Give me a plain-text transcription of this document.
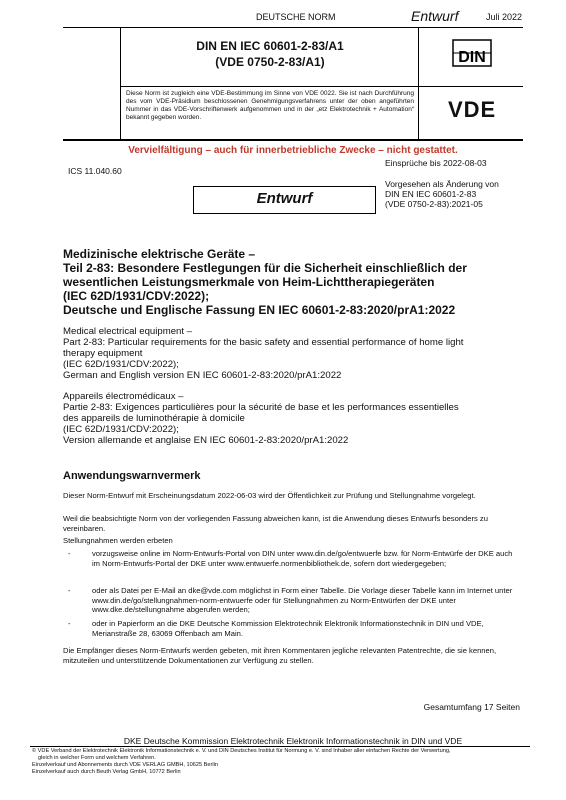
DEUTSCHE NORM	Entwurf	Juli 2022
DIN EN IEC 60601-2-83/A1
(VDE 0750-2-83/A1)	DIN
Diese Norm ist zugleich eine VDE-Bestimmung im Sinne von VDE 0022. Sie ist nach Durchführung des vom VDE-Präsidium beschlossenen Genehmigungsverfahrens unter der oben angeführten Nummer in das VDE-Vorschriftenwerk aufgenommen und in der „etz Elektrotechnik + Automation“ bekannt gegeben worden.	VDE
Vervielfältigung – auch für innerbetriebliche Zwecke – nicht gestattet.
Einsprüche bis 2022-08-03
ICS 11.040.60
Entwurf
Vorgesehen als Änderung von
DIN EN IEC 60601-2-83
(VDE 0750-2-83):2021-05
Medizinische elektrische Geräte –
Teil 2-83: Besondere Festlegungen für die Sicherheit einschließlich der
wesentlichen Leistungsmerkmale von Heim-Lichttherapiegeräten
(IEC 62D/1931/CDV:2022);
Deutsche und Englische Fassung EN IEC 60601-2-83:2020/prA1:2022
Medical electrical equipment –
Part 2-83: Particular requirements for the basic safety and essential performance of home light
therapy equipment
(IEC 62D/1931/CDV:2022);
German and English version EN IEC 60601-2-83:2020/prA1:2022
Appareils électromédicaux –
Partie 2-83: Exigences particulières pour la sécurité de base et les performances essentielles
des appareils de luminothérapie à domicile
(IEC 62D/1931/CDV:2022);
Version allemande et anglaise EN IEC 60601-2-83:2020/prA1:2022
Anwendungswarnvermerk
Dieser Norm-Entwurf mit Erscheinungsdatum 2022-06-03 wird der Öffentlichkeit zur Prüfung und Stellungnahme vorgelegt.
Weil die beabsichtigte Norm von der vorliegenden Fassung abweichen kann, ist die Anwendung dieses Entwurfs besonders zu vereinbaren.
Stellungnahmen werden erbeten
-	vorzugsweise online im Norm-Entwurfs-Portal von DIN unter www.din.de/go/entwuerfe bzw. für Norm-Entwürfe der DKE auch im Norm-Entwurfs-Portal der DKE unter www.entwuerfe.normenbibliothek.de, sofern dort wiedergegeben;
-	oder als Datei per E-Mail an dke@vde.com möglichst in Form einer Tabelle. Die Vorlage dieser Tabelle kann im Internet unter www.din.de/go/stellungnahmen-norm-entwuerfe oder für Stellungnahmen zu Norm-Entwürfen der DKE unter www.dke.de/stellungnahme abgerufen werden;
-	oder in Papierform an die DKE Deutsche Kommission Elektrotechnik Elektronik Informationstechnik in DIN und VDE, Merianstraße 28, 63069 Offenbach am Main.
Die Empfänger dieses Norm-Entwurfs werden gebeten, mit ihren Kommentaren jegliche relevanten Patentrechte, die sie kennen, mitzuteilen und unterstützende Dokumentationen zur Verfügung zu stellen.
Gesamtumfang 17 Seiten
DKE Deutsche Kommission Elektrotechnik Elektronik Informationstechnik in DIN und VDE
© VDE Verband der Elektrotechnik Elektronik Informationstechnik e. V. und DIN Deutsches Institut für Normung e. V. sind Inhaber aller einfachen Rechte der Verwertung,
gleich in welcher Form und welchem Verfahren.
Einzelverkauf und Abonnements durch VDE VERLAG GMBH, 10625 Berlin
Einzelverkauf auch durch Beuth Verlag GmbH, 10772 Berlin
